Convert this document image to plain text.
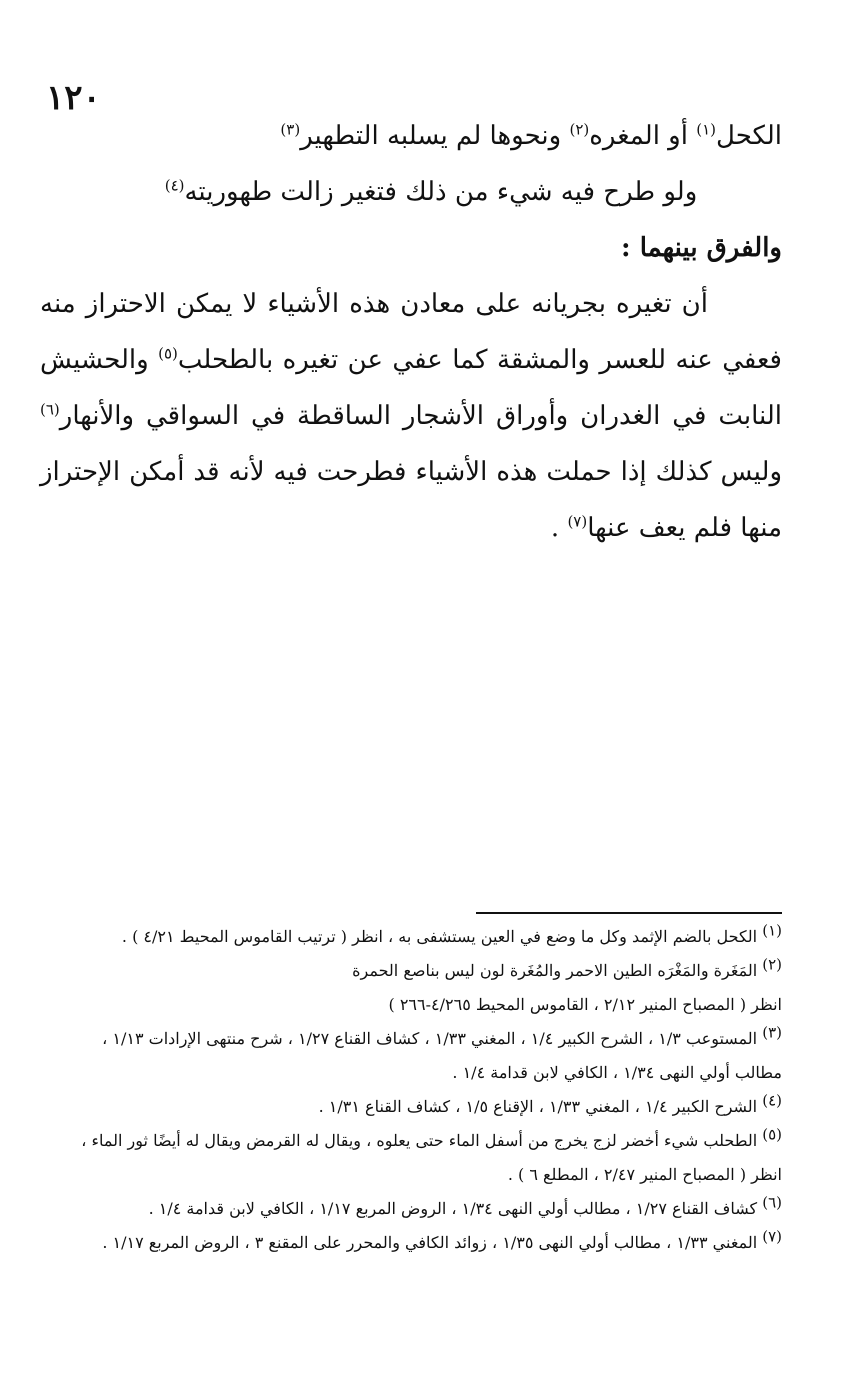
١٢٠

الكحل$^{(١)}$ أو المغره$^{(٢)}$ ونحوها لم يسلبه التطهير$^{(٣)}$

ولو طرح فيه شيء من ذلك فتغير زالت طهوريته$^{(٤)}$

والفرق بينهما :

أن تغيره بجريانه على معادن هذه الأشياء لا يمكن الاحتراز منه فعفي عنه للعسر والمشقة كما عفي عن تغيره بالطحلب$^{(٥)}$ والحشيش النابت في الغدران وأوراق الأشجار الساقطة في السواقي والأنهار$^{(٦)}$ وليس كذلك إذا حملت هذه الأشياء فطرحت فيه لأنه قد أمكن الإحتراز منها فلم يعف عنها$^{(٧)}$ .

$^{(١)}$ الكحل بالضم الإثمد وكل ما وضع في العين يستشفى به ، انظر ( ترتيب القاموس المحيط ٤/٢١ ) .

$^{(٢)}$ المَغَرة والمَغْرَه الطين الاحمر والمُغَرة لون ليس بناصع الحمرة

انظر ( المصباح المنير ٢/١٢ ، القاموس المحيط ٤/٢٦٥-٢٦٦ )

$^{(٣)}$ المستوعب ١/٣ ، الشرح الكبير ١/٤ ، المغني ١/٣٣ ، كشاف القناع ١/٢٧ ، شرح منتهى الإرادات ١/١٣ ،

مطالب أولي النهى ١/٣٤ ، الكافي لابن قدامة ١/٤ .

$^{(٤)}$ الشرح الكبير ١/٤ ، المغني ١/٣٣ ، الإقناع ١/٥ ، كشاف القناع ١/٣١ .

$^{(٥)}$ الطحلب شيء أخضر لزج يخرج من أسفل الماء حتى يعلوه ، ويقال له القرمض ويقال له أيضًا ثور الماء ،

انظر ( المصباح المنير ٢/٤٧ ، المطلع ٦ ) .

$^{(٦)}$ كشاف القناع ١/٢٧ ، مطالب أولي النهى ١/٣٤ ، الروض المربع ١/١٧ ، الكافي لابن قدامة ١/٤ .

$^{(٧)}$ المغني ١/٣٣ ، مطالب أولي النهى ١/٣٥ ، زوائد الكافي والمحرر على المقنع ٣ ، الروض المربع ١/١٧ .
